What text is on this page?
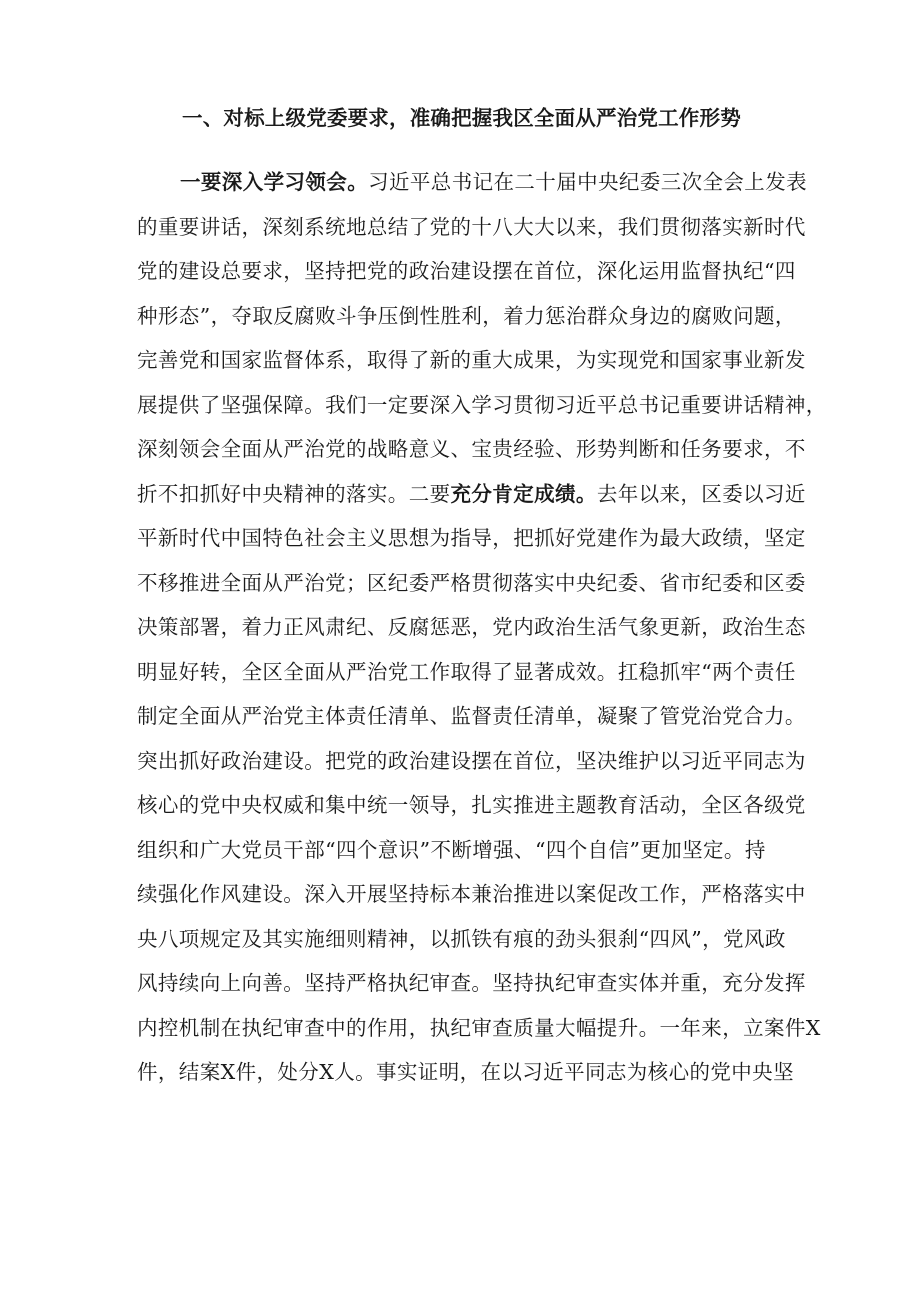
一、对标上级党委要求，准确把握我区全面从严治党工作形势
一要深入学习领会。习近平总书记在二十届中央纪委三次全会上发表
的重要讲话，深刻系统地总结了党的十八大大以来，我们贯彻落实新时代
党的建设总要求，坚持把党的政治建设摆在首位，深化运用监督执纪“四
种形态”，夺取反腐败斗争压倒性胜利，着力惩治群众身边的腐败问题，
完善党和国家监督体系，取得了新的重大成果，为实现党和国家事业新发
展提供了坚强保障。我们一定要深入学习贯彻习近平总书记重要讲话精神，
深刻领会全面从严治党的战略意义、宝贵经验、形势判断和任务要求，不
折不扣抓好中央精神的落实。二要充分肯定成绩。去年以来，区委以习近
平新时代中国特色社会主义思想为指导，把抓好党建作为最大政绩，坚定
不移推进全面从严治党；区纪委严格贯彻落实中央纪委、省市纪委和区委
决策部署，着力正风肃纪、反腐惩恶，党内政治生活气象更新，政治生态
明显好转，全区全面从严治党工作取得了显著成效。扛稳抓牢“两个责任
制定全面从严治党主体责任清单、监督责任清单，凝聚了管党治党合力。
突出抓好政治建设。把党的政治建设摆在首位，坚决维护以习近平同志为
核心的党中央权威和集中统一领导，扎实推进主题教育活动，全区各级党
组织和广大党员干部“四个意识”不断增强、“四个自信”更加坚定。持
续强化作风建设。深入开展坚持标本兼治推进以案促改工作，严格落实中
央八项规定及其实施细则精神，以抓铁有痕的劲头狠刹“四风”，党风政
风持续向上向善。坚持严格执纪审查。坚持执纪审查实体并重，充分发挥
内控机制在执纪审查中的作用，执纪审查质量大幅提升。一年来，立案件X
件，结案X件，处分X人。事实证明，在以习近平同志为核心的党中央坚
